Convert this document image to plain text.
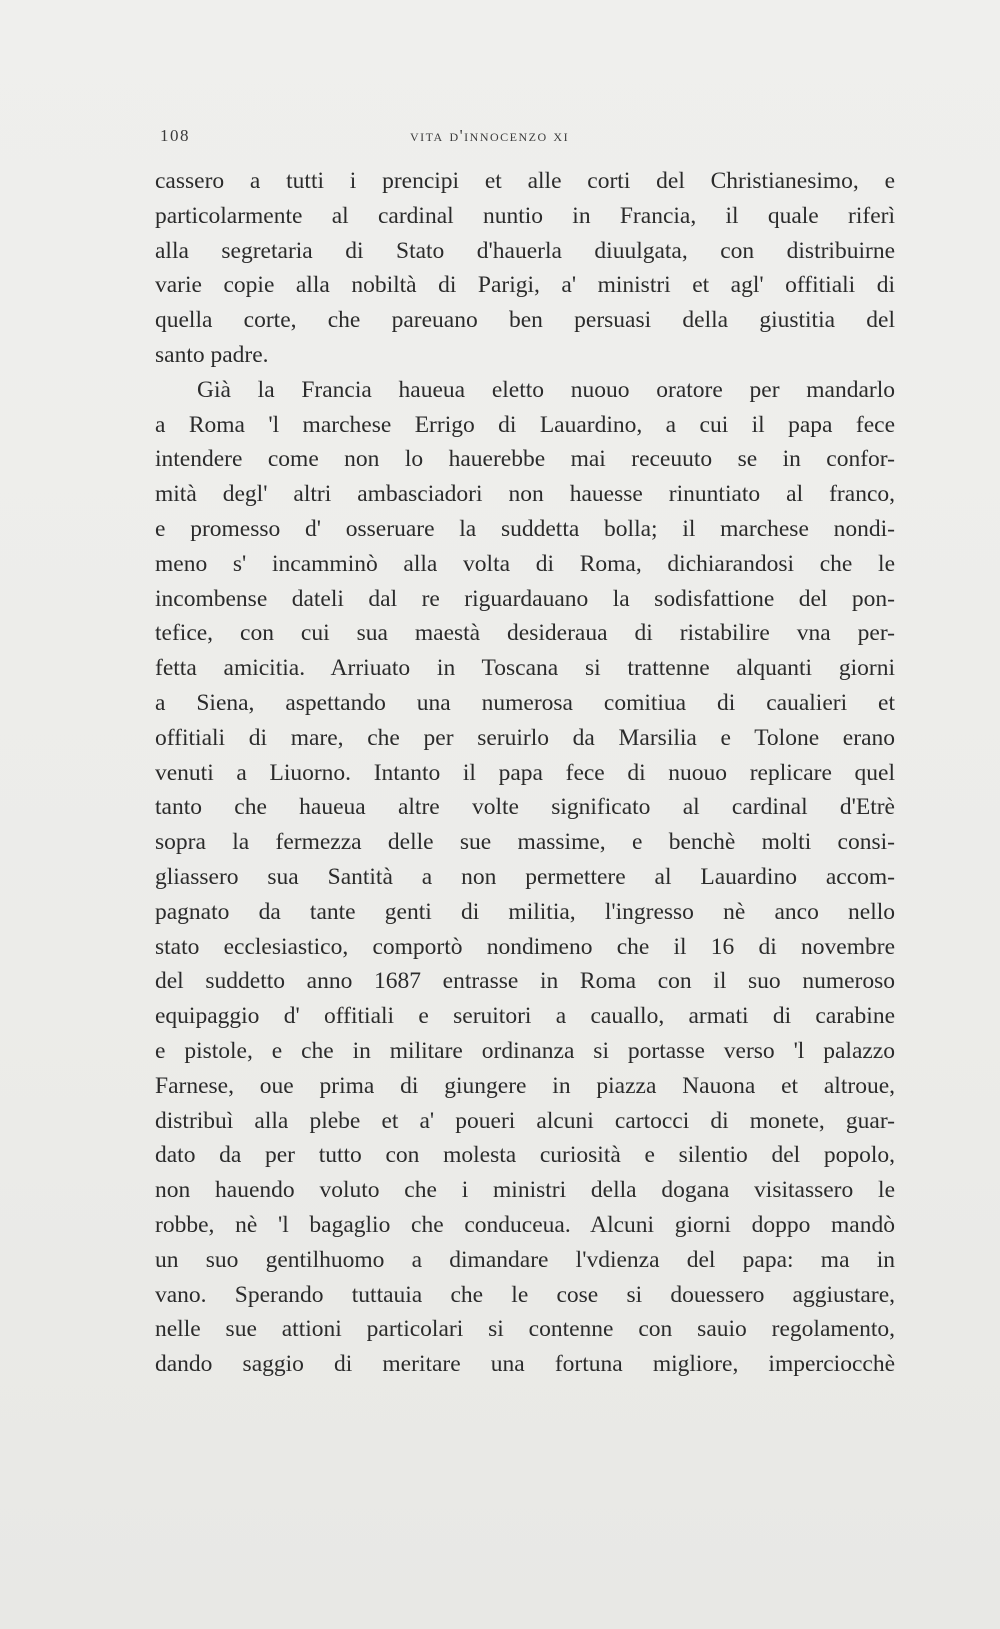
108	vita d'innocenzo xi
cassero a tutti i prencipi et alle corti del Christianesimo, e
particolarmente al cardinal nuntio in Francia, il quale riferì
alla segretaria di Stato d'hauerla diuulgata, con distribuirne
varie copie alla nobiltà di Parigi, a' ministri et agl' offitiali di
quella corte, che pareuano ben persuasi della giustitia del
santo padre.
Già la Francia haueua eletto nuouo oratore per mandarlo
a Roma 'l marchese Errigo di Lauardino, a cui il papa fece
intendere come non lo hauerebbe mai receuuto se in confor-
mità degl' altri ambasciadori non hauesse rinuntiato al franco,
e promesso d' osseruare la suddetta bolla; il marchese nondi-
meno s' incamminò alla volta di Roma, dichiarandosi che le
incombense dateli dal re riguardauano la sodisfattione del pon-
tefice, con cui sua maestà desideraua di ristabilire vna per-
fetta amicitia. Arriuato in Toscana si trattenne alquanti giorni
a Siena, aspettando una numerosa comitiua di caualieri et
offitiali di mare, che per seruirlo da Marsilia e Tolone erano
venuti a Liuorno. Intanto il papa fece di nuouo replicare quel
tanto che haueua altre volte significato al cardinal d'Etrè
sopra la fermezza delle sue massime, e benchè molti consi-
gliassero sua Santità a non permettere al Lauardino accom-
pagnato da tante genti di militia, l'ingresso nè anco nello
stato ecclesiastico, comportò nondimeno che il 16 di novembre
del suddetto anno 1687 entrasse in Roma con il suo numeroso
equipaggio d' offitiali e seruitori a cauallo, armati di carabine
e pistole, e che in militare ordinanza si portasse verso 'l palazzo
Farnese, oue prima di giungere in piazza Nauona et altroue,
distribuì alla plebe et a' poueri alcuni cartocci di monete, guar-
dato da per tutto con molesta curiosità e silentio del popolo,
non hauendo voluto che i ministri della dogana visitassero le
robbe, nè 'l bagaglio che conduceua. Alcuni giorni doppo mandò
un suo gentilhuomo a dimandare l'vdienza del papa: ma in
vano. Sperando tuttauia che le cose si douessero aggiustare,
nelle sue attioni particolari si contenne con sauio regolamento,
dando saggio di meritare una fortuna migliore, imperciocchè
